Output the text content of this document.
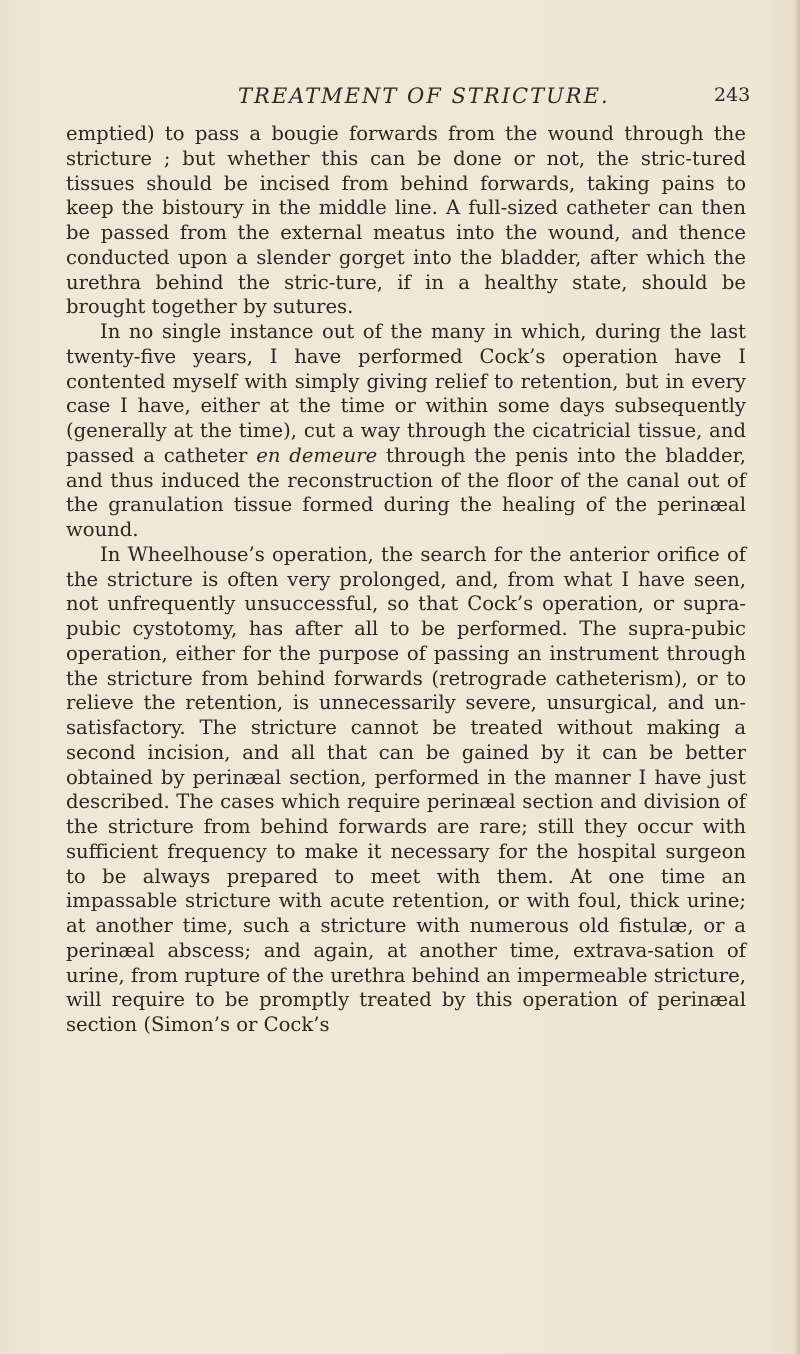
TREATMENT OF STRICTURE.	243

emptied) to pass a bougie forwards from the wound through the stricture ; but whether this can be done or not, the stric-tured tissues should be incised from behind forwards, taking pains to keep the bistoury in the middle line. A full-sized catheter can then be passed from the external meatus into the wound, and thence conducted upon a slender gorget into the bladder, after which the urethra behind the stric-ture, if in a healthy state, should be brought together by sutures.

In no single instance out of the many in which, during the last twenty-five years, I have performed Cock’s operation have I contented myself with simply giving relief to retention, but in every case I have, either at the time or within some days subsequently (generally at the time), cut a way through the cicatricial tissue, and passed a catheter en demeure through the penis into the bladder, and thus induced the reconstruction of the floor of the canal out of the granulation tissue formed during the healing of the perinæal wound.

In Wheelhouse’s operation, the search for the anterior orifice of the stricture is often very prolonged, and, from what I have seen, not unfrequently unsuccessful, so that Cock’s operation, or supra-pubic cystotomy, has after all to be performed. The supra-pubic operation, either for the purpose of passing an instrument through the stricture from behind forwards (retrograde catheterism), or to relieve the retention, is unnecessarily severe, unsurgical, and un-satisfactory. The stricture cannot be treated without making a second incision, and all that can be gained by it can be better obtained by perinæal section, performed in the manner I have just described. The cases which require perinæal section and division of the stricture from behind forwards are rare; still they occur with sufficient frequency to make it necessary for the hospital surgeon to be always prepared to meet with them. At one time an impassable stricture with acute retention, or with foul, thick urine; at another time, such a stricture with numerous old fistulæ, or a perinæal abscess; and again, at another time, extrava-sation of urine, from rupture of the urethra behind an impermeable stricture, will require to be promptly treated by this operation of perinæal section (Simon’s or Cock’s
